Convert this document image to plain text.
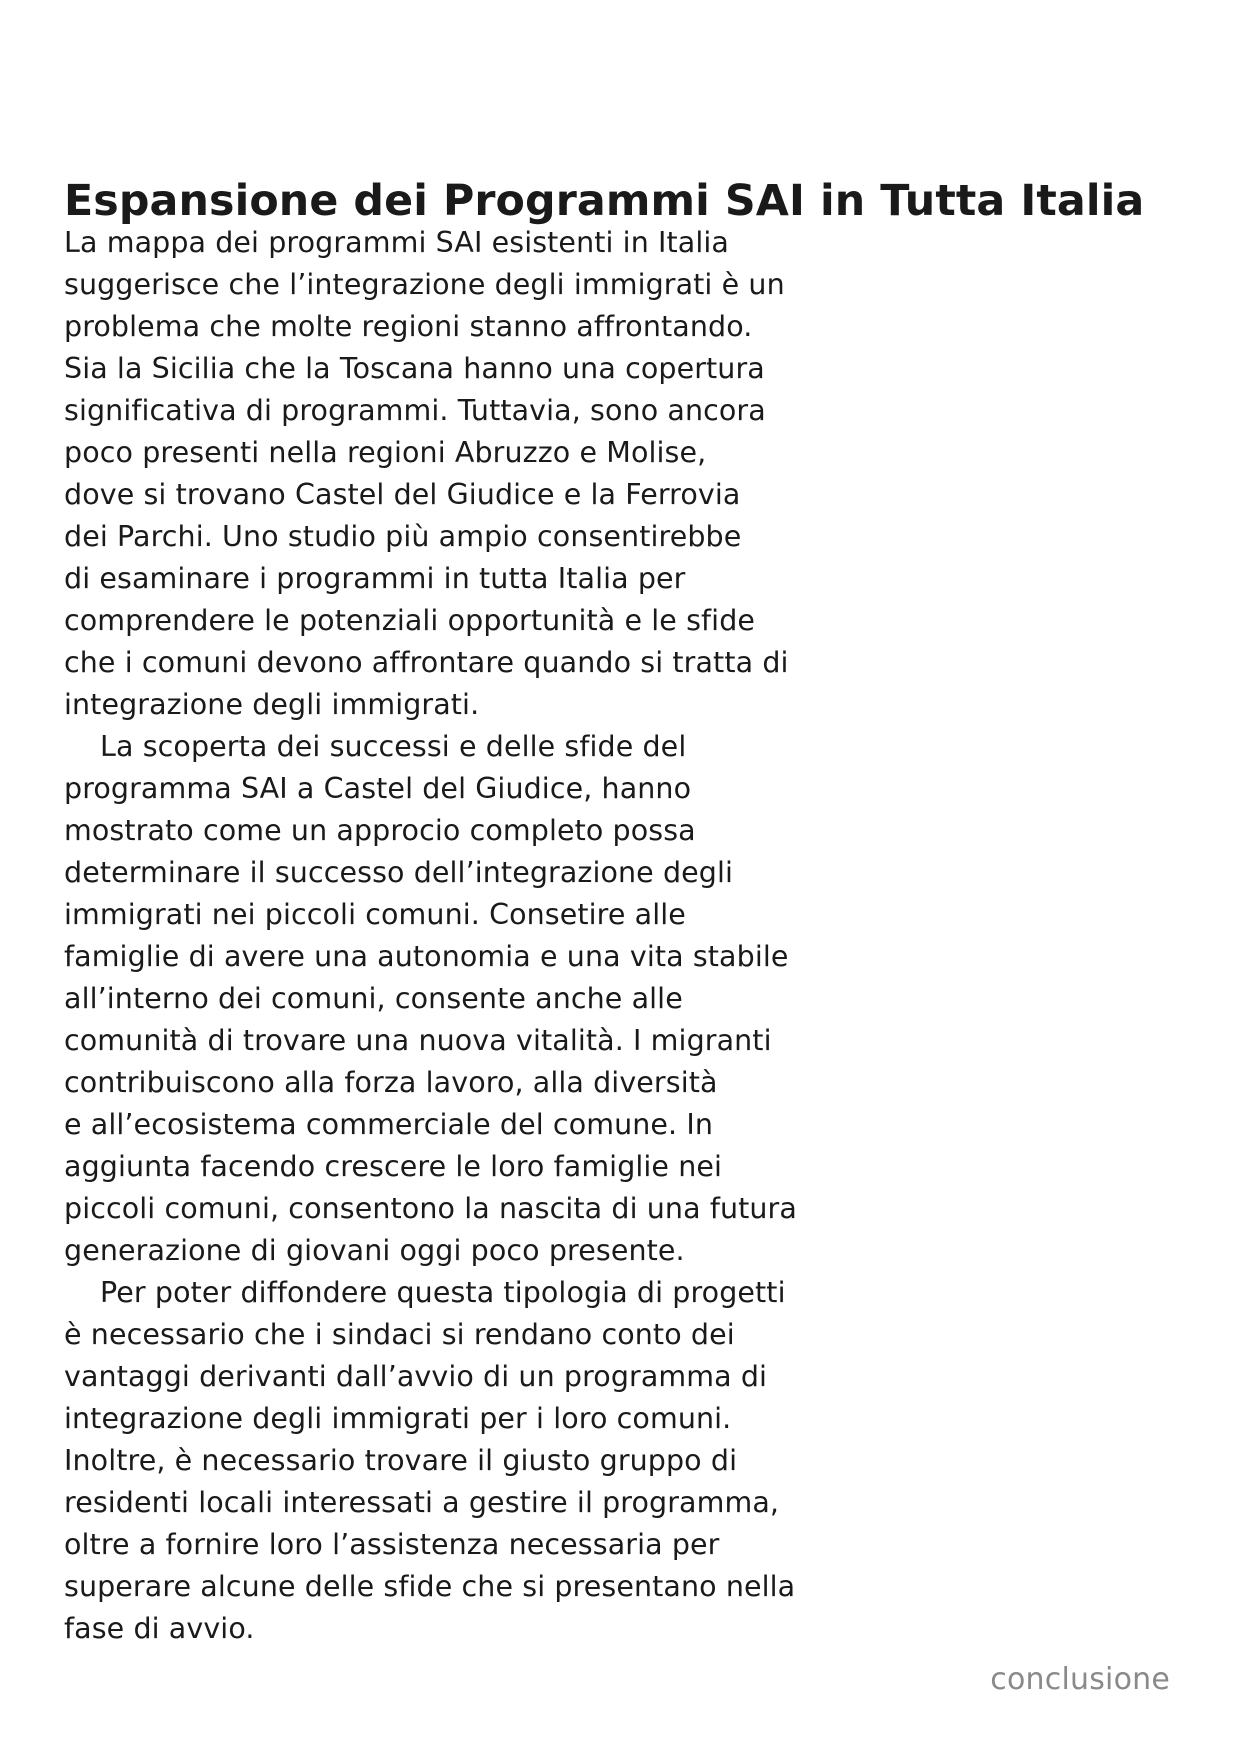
Espansione dei Programmi SAI in Tutta Italia

La mappa dei programmi SAI esistenti in Italia
suggerisce che l’integrazione degli immigrati è un
problema che molte regioni stanno affrontando.
Sia la Sicilia che la Toscana hanno una copertura
significativa di programmi. Tuttavia, sono ancora
poco presenti nella regioni Abruzzo e Molise,
dove si trovano Castel del Giudice e la Ferrovia
dei Parchi. Uno studio più ampio consentirebbe
di esaminare i programmi in tutta Italia per
comprendere le potenziali opportunità e le sfide
che i comuni devono affrontare quando si tratta di
integrazione degli immigrati.

La scoperta dei successi e delle sfide del
programma SAI a Castel del Giudice, hanno
mostrato come un approcio completo possa
determinare il successo dell’integrazione degli
immigrati nei piccoli comuni. Consetire alle
famiglie di avere una autonomia e una vita stabile
all’interno dei comuni, consente anche alle
comunità di trovare una nuova vitalità. I migranti
contribuiscono alla forza lavoro, alla diversità
e all’ecosistema commerciale del comune. In
aggiunta facendo crescere le loro famiglie nei
piccoli comuni, consentono la nascita di una futura
generazione di giovani oggi poco presente.

Per poter diffondere questa tipologia di progetti
è necessario che i sindaci si rendano conto dei
vantaggi derivanti dall’avvio di un programma di
integrazione degli immigrati per i loro comuni.
Inoltre, è necessario trovare il giusto gruppo di
residenti locali interessati a gestire il programma,
oltre a fornire loro l’assistenza necessaria per
superare alcune delle sfide che si presentano nella
fase di avvio.

conclusione
